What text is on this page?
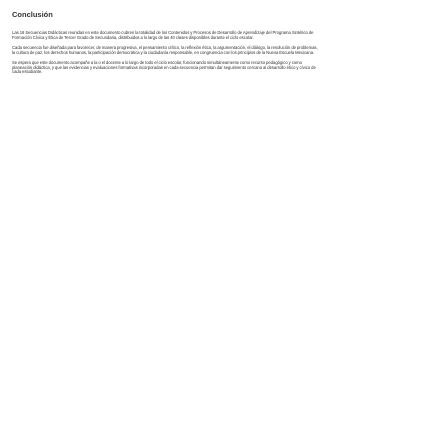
Conclusión

Las 16 Secuencias Didácticas reunidas en este documento cubren la totalidad de los Contenidos y Procesos de Desarrollo de Aprendizaje del Programa Sintético de Formación Cívica y Ética de Tercer Grado de Secundaria, distribuidos a lo largo de las 40 clases disponibles durante el ciclo escolar.

Cada secuencia fue diseñada para favorecer, de manera progresiva, el pensamiento crítico, la reflexión ética, la argumentación, el diálogo, la resolución de problemas, la cultura de paz, los derechos humanos, la participación democrática y la ciudadanía responsable, en congruencia con los principios de la Nueva Escuela Mexicana.

Se espera que este documento acompañe a la o el docente a lo largo de todo el ciclo escolar, funcionando simultáneamente como recurso pedagógico y como planeación didáctica, y que las evidencias y evaluaciones formativas incorporadas en cada secuencia permitan dar seguimiento cercano al desarrollo ético y cívico de cada estudiante.
